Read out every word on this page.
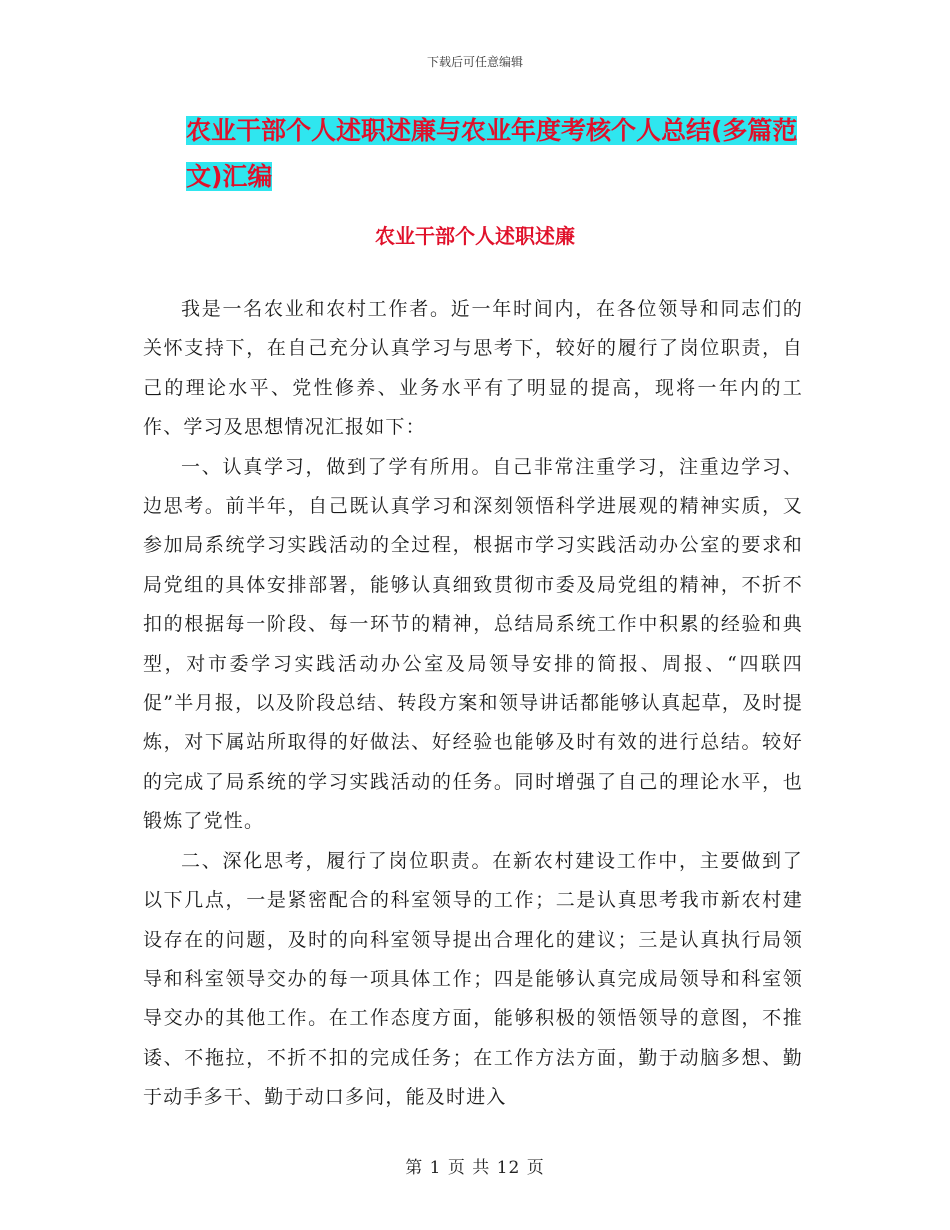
下载后可任意编辑
农业干部个人述职述廉与农业年度考核个人总结(多篇范文)汇编
农业干部个人述职述廉

我是一名农业和农村工作者。近一年时间内，在各位领导和同志们的关怀支持下，在自己充分认真学习与思考下，较好的履行了岗位职责，自己的理论水平、党性修养、业务水平有了明显的提高，现将一年内的工作、学习及思想情况汇报如下：

一、认真学习，做到了学有所用。自己非常注重学习，注重边学习、边思考。前半年，自己既认真学习和深刻领悟科学进展观的精神实质，又参加局系统学习实践活动的全过程，根据市学习实践活动办公室的要求和局党组的具体安排部署，能够认真细致贯彻市委及局党组的精神，不折不扣的根据每一阶段、每一环节的精神，总结局系统工作中积累的经验和典型，对市委学习实践活动办公室及局领导安排的简报、周报、“四联四促”半月报，以及阶段总结、转段方案和领导讲话都能够认真起草，及时提炼，对下属站所取得的好做法、好经验也能够及时有效的进行总结。较好的完成了局系统的学习实践活动的任务。同时增强了自己的理论水平，也锻炼了党性。

二、深化思考，履行了岗位职责。在新农村建设工作中，主要做到了以下几点，一是紧密配合的科室领导的工作；二是认真思考我市新农村建设存在的问题，及时的向科室领导提出合理化的建议；三是认真执行局领导和科室领导交办的每一项具体工作；四是能够认真完成局领导和科室领导交办的其他工作。在工作态度方面，能够积极的领悟领导的意图，不推诿、不拖拉，不折不扣的完成任务；在工作方法方面，勤于动脑多想、勤于动手多干、勤于动口多问，能及时进入

第 1 页 共 12 页
